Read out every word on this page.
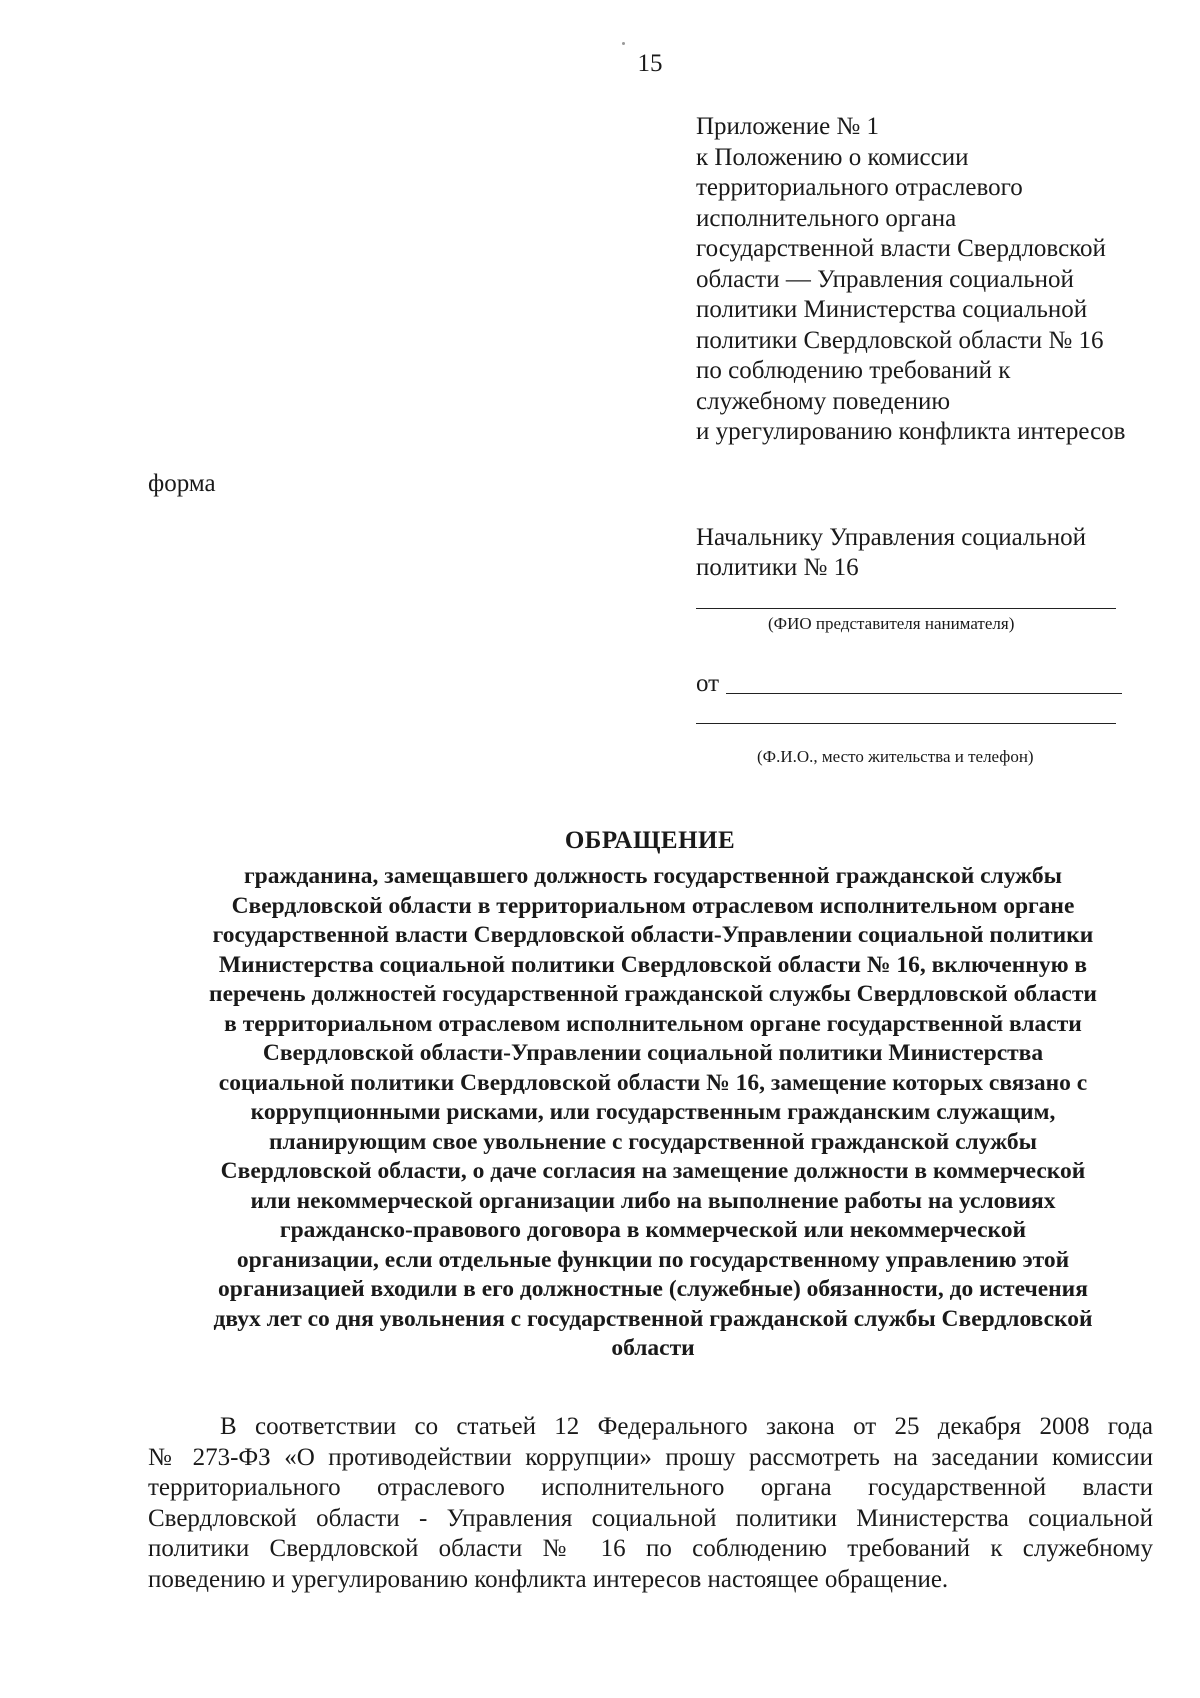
15
Приложение № 1
к Положению о комиссии
территориального отраслевого
исполнительного органа
государственной власти Свердловской
области — Управления социальной
политики Министерства социальной
политики Свердловской области № 16
по соблюдению требований к
служебному поведению
и урегулированию конфликта интересов
форма
Начальнику Управления социальной
политики № 16
(ФИО представителя нанимателя)
от
(Ф.И.О., место жительства и телефон)
ОБРАЩЕНИЕ
гражданина, замещавшего должность государственной гражданской службы
Свердловской области в территориальном отраслевом исполнительном органе
государственной власти Свердловской области-Управлении социальной политики
Министерства социальной политики Свердловской области № 16, включенную в
перечень должностей государственной гражданской службы Свердловской области
в территориальном отраслевом исполнительном органе государственной власти
Свердловской области-Управлении социальной политики Министерства
социальной политики Свердловской области № 16, замещение которых связано с
коррупционными рисками, или государственным гражданским служащим,
планирующим свое увольнение с государственной гражданской службы
Свердловской области, о даче согласия на замещение должности в коммерческой
или некоммерческой организации либо на выполнение работы на условиях
гражданско-правового договора в коммерческой или некоммерческой
организации, если отдельные функции по государственному управлению этой
организацией входили в его должностные (служебные) обязанности, до истечения
двух лет со дня увольнения с государственной гражданской службы Свердловской
области
В соответствии со статьей 12 Федерального закона от 25 декабря 2008 года
№ 273-ФЗ «О противодействии коррупции» прошу рассмотреть на заседании комиссии
территориального отраслевого исполнительного органа государственной власти
Свердловской области - Управления социальной политики Министерства социальной
политики Свердловской области № 16 по соблюдению требований к служебному
поведению и урегулированию конфликта интересов настоящее обращение.
